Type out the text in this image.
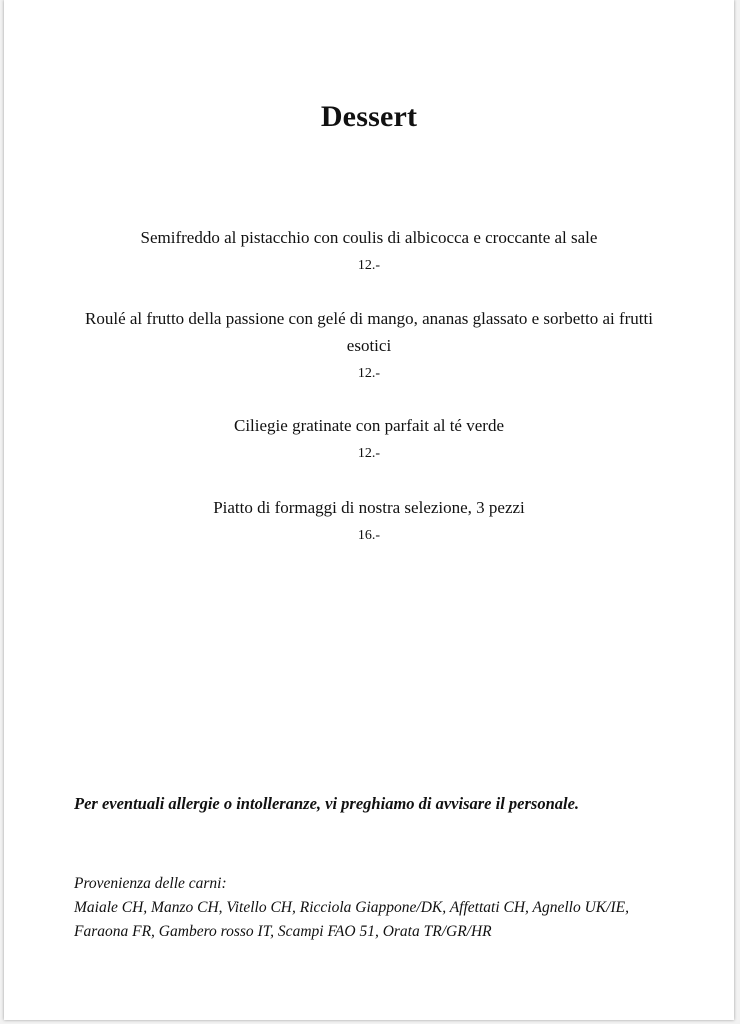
Dessert
Semifreddo al pistacchio con coulis di albicocca e croccante al sale
12.-
Roulé al frutto della passione con gelé di mango, ananas glassato e sorbetto ai frutti esotici
12.-
Ciliegie gratinate con parfait al té verde
12.-
Piatto di formaggi di nostra selezione, 3 pezzi
16.-
Per eventuali allergie o intolleranze, vi preghiamo di avvisare il personale.
Provenienza delle carni:
Maiale CH, Manzo CH, Vitello CH, Ricciola Giappone/DK, Affettati CH, Agnello UK/IE, Faraona FR, Gambero rosso IT, Scampi FAO 51, Orata TR/GR/HR
